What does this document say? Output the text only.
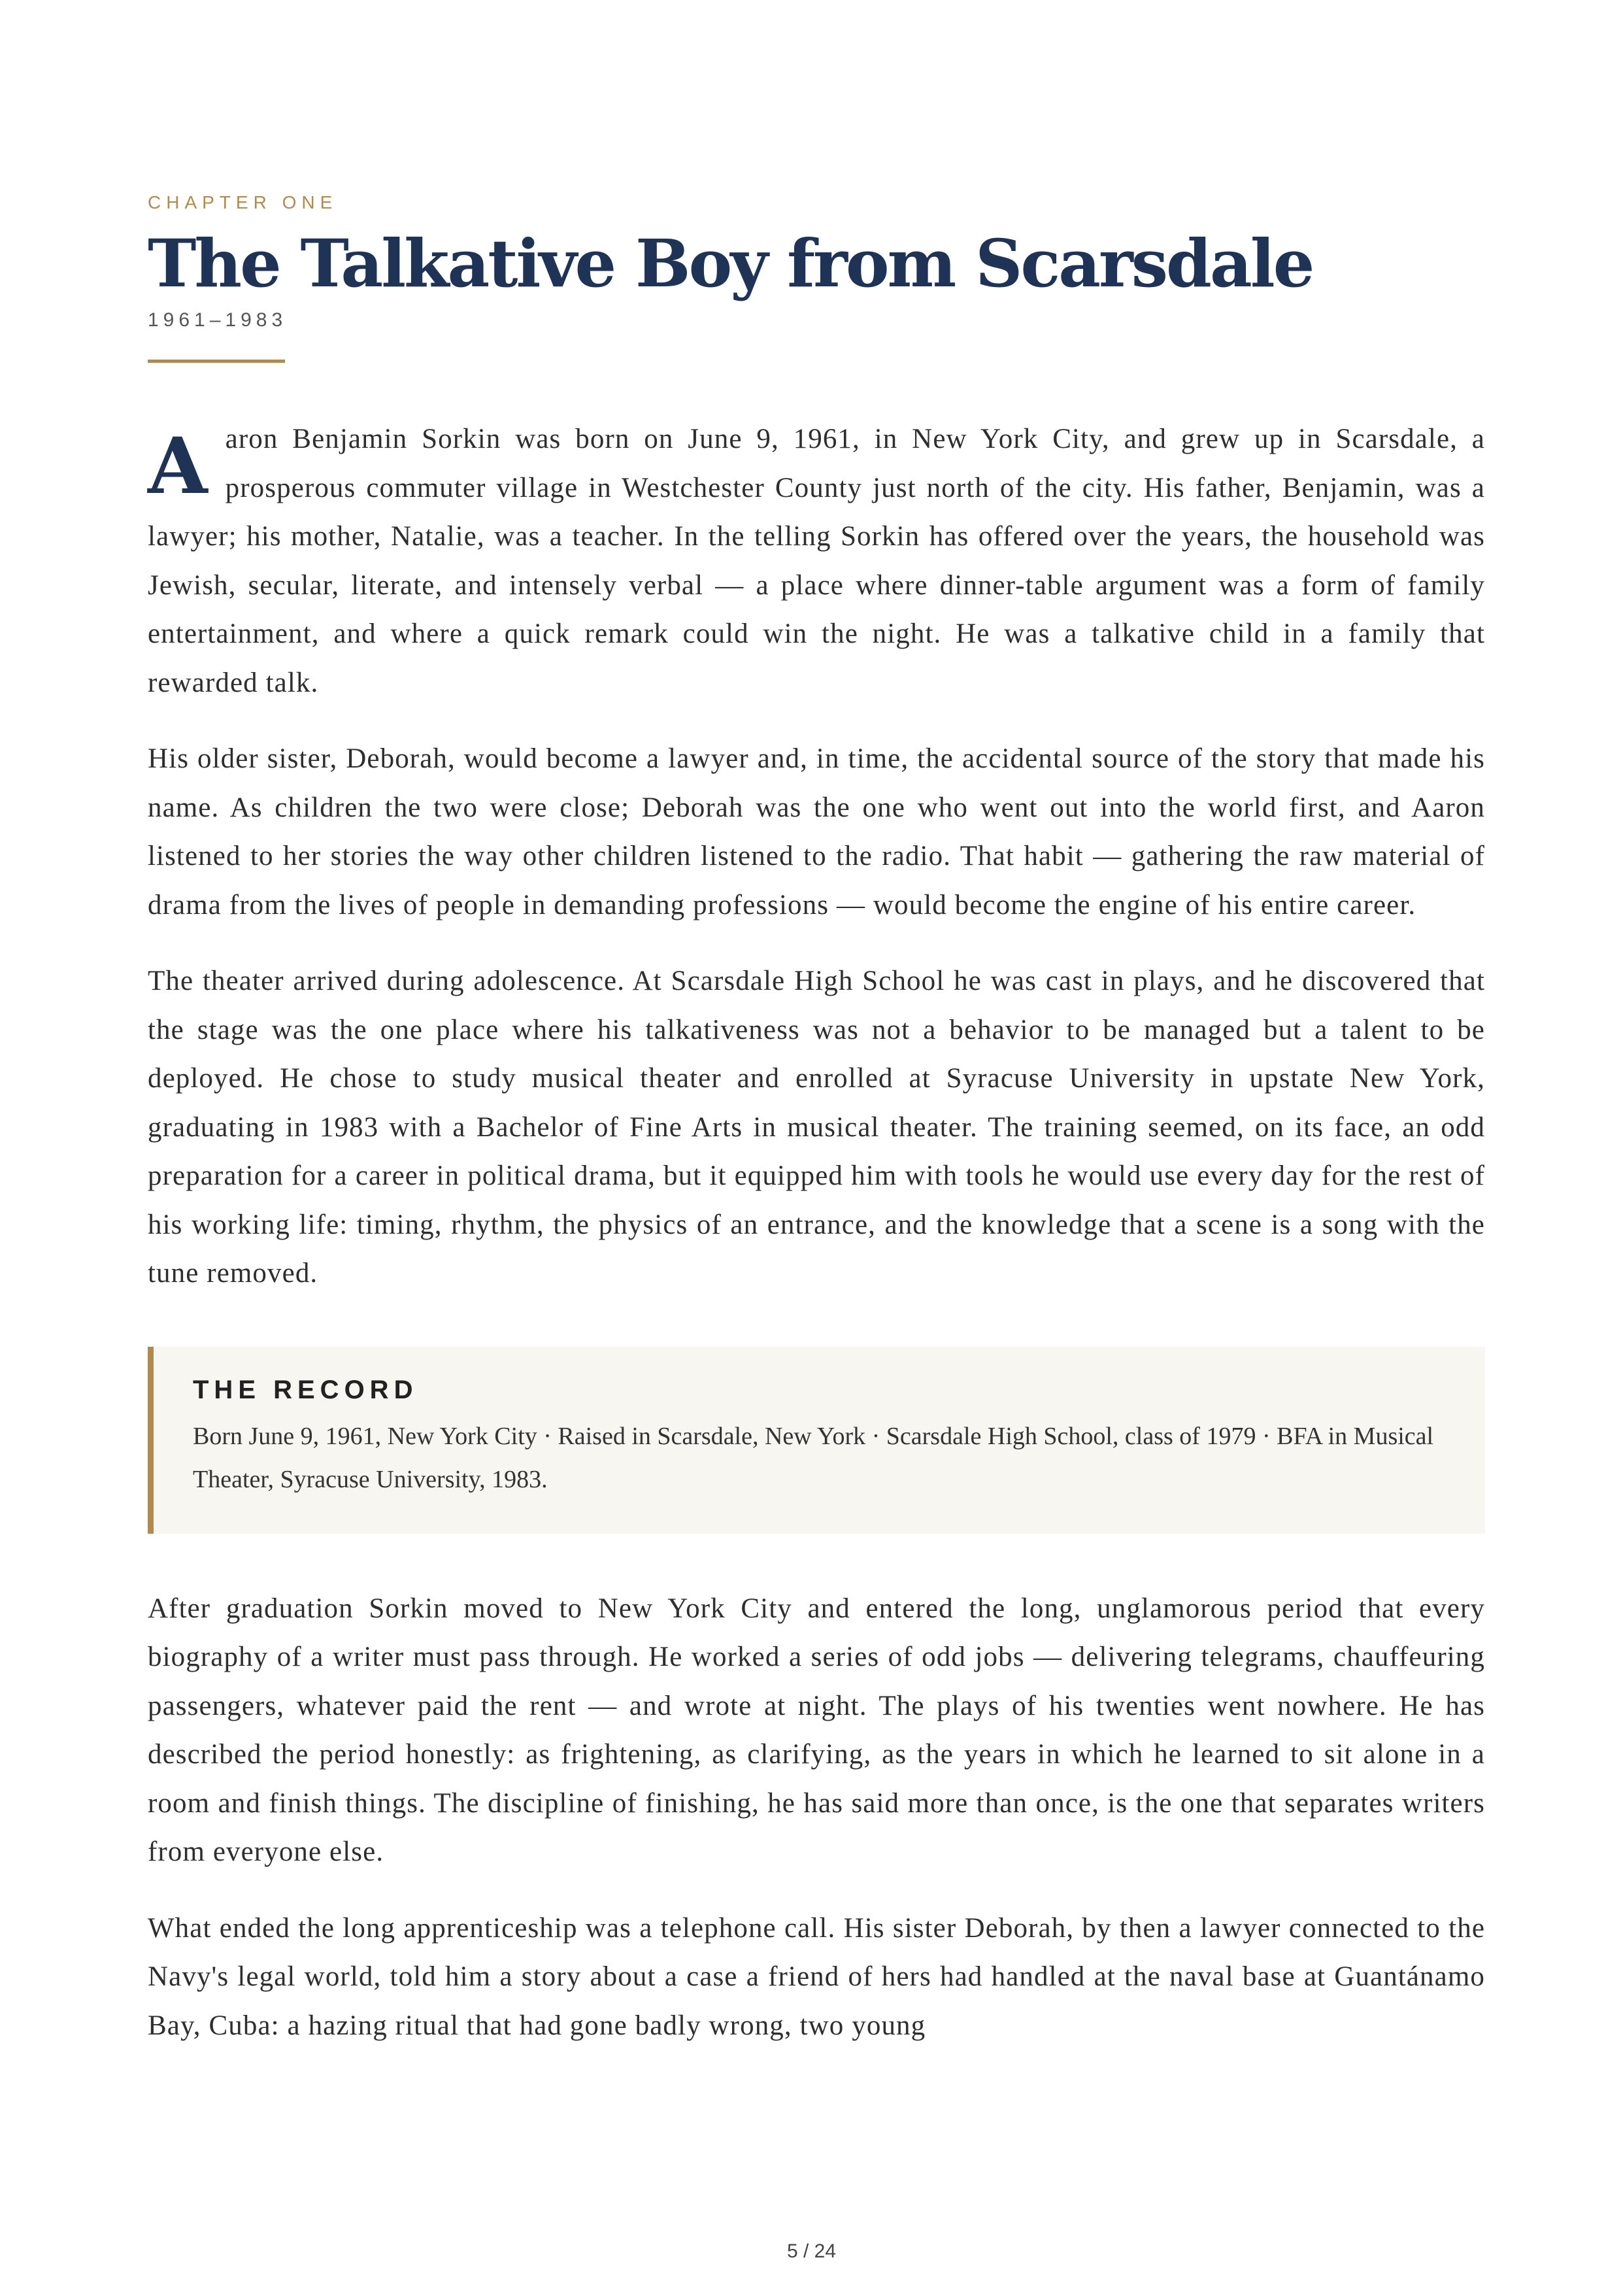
CHAPTER ONE
The Talkative Boy from Scarsdale
1961–1983

Aaron Benjamin Sorkin was born on June 9, 1961, in New York City, and grew up in Scarsdale, a prosperous commuter village in Westchester County just north of the city. His father, Benjamin, was a lawyer; his mother, Natalie, was a teacher. In the telling Sorkin has offered over the years, the household was Jewish, secular, literate, and intensely verbal — a place where dinner-table argument was a form of family entertainment, and where a quick remark could win the night. He was a talkative child in a family that rewarded talk.

His older sister, Deborah, would become a lawyer and, in time, the accidental source of the story that made his name. As children the two were close; Deborah was the one who went out into the world first, and Aaron listened to her stories the way other children listened to the radio. That habit — gathering the raw material of drama from the lives of people in demanding professions — would become the engine of his entire career.

The theater arrived during adolescence. At Scarsdale High School he was cast in plays, and he discovered that the stage was the one place where his talkativeness was not a behavior to be managed but a talent to be deployed. He chose to study musical theater and enrolled at Syracuse University in upstate New York, graduating in 1983 with a Bachelor of Fine Arts in musical theater. The training seemed, on its face, an odd preparation for a career in political drama, but it equipped him with tools he would use every day for the rest of his working life: timing, rhythm, the physics of an entrance, and the knowledge that a scene is a song with the tune removed.

THE RECORD
Born June 9, 1961, New York City · Raised in Scarsdale, New York · Scarsdale High School, class of 1979 · BFA in Musical Theater, Syracuse University, 1983.

After graduation Sorkin moved to New York City and entered the long, unglamorous period that every biography of a writer must pass through. He worked a series of odd jobs — delivering telegrams, chauffeuring passengers, whatever paid the rent — and wrote at night. The plays of his twenties went nowhere. He has described the period honestly: as frightening, as clarifying, as the years in which he learned to sit alone in a room and finish things. The discipline of finishing, he has said more than once, is the one that separates writers from everyone else.

What ended the long apprenticeship was a telephone call. His sister Deborah, by then a lawyer connected to the Navy's legal world, told him a story about a case a friend of hers had handled at the naval base at Guantánamo Bay, Cuba: a hazing ritual that had gone badly wrong, two young

5 / 24
